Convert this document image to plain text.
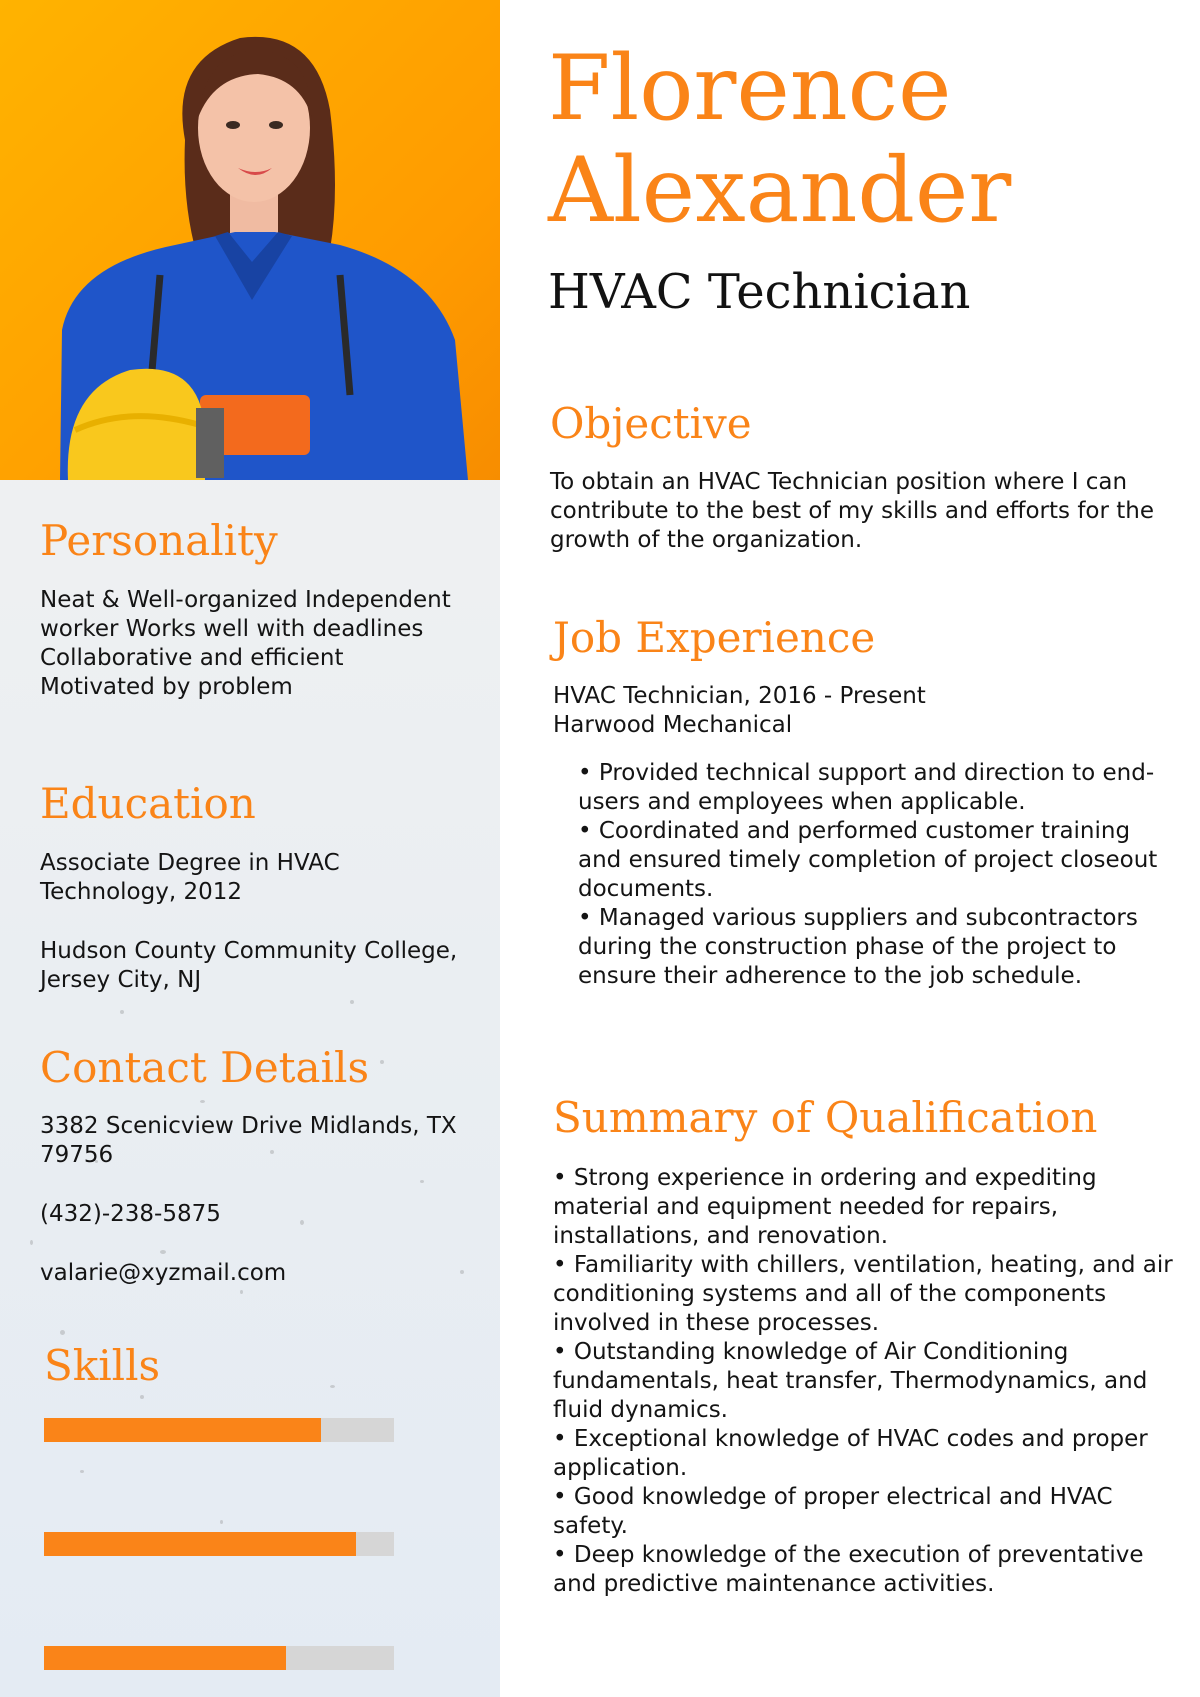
Florence
Alexander
HVAC Technician
Objective

To obtain an HVAC Technician position where I can contribute to the best of my skills and efforts for the growth of the organization.

Job Experience

HVAC Technician, 2016 - Present

Harwood Mechanical

• Provided technical support and direction to end-users and employees when applicable.
• Coordinated and performed customer training and ensured timely completion of project closeout documents.
• Managed various suppliers and subcontractors during the construction phase of the project to ensure their adherence to the job schedule.
Summary of Qualification
• Strong experience in ordering and expediting material and equipment needed for repairs, installations, and renovation.
• Familiarity with chillers, ventilation, heating, and air conditioning systems and all of the components involved in these processes.
• Outstanding knowledge of Air Conditioning fundamentals, heat transfer, Thermodynamics, and fluid dynamics.
• Exceptional knowledge of HVAC codes and proper application.
• Good knowledge of proper electrical and HVAC safety.
• Deep knowledge of the execution of preventative and predictive maintenance activities.
Personality

Neat & Well-organized Independent worker Works well with deadlines Collaborative and efficient Motivated by problem

Education

Associate Degree in HVAC Technology, 2012

Hudson County Community College, Jersey City, NJ

Contact Details

3382 Scenicview Drive Midlands, TX 79756

(432)-238-5875

valarie@xyzmail.com

Skills
